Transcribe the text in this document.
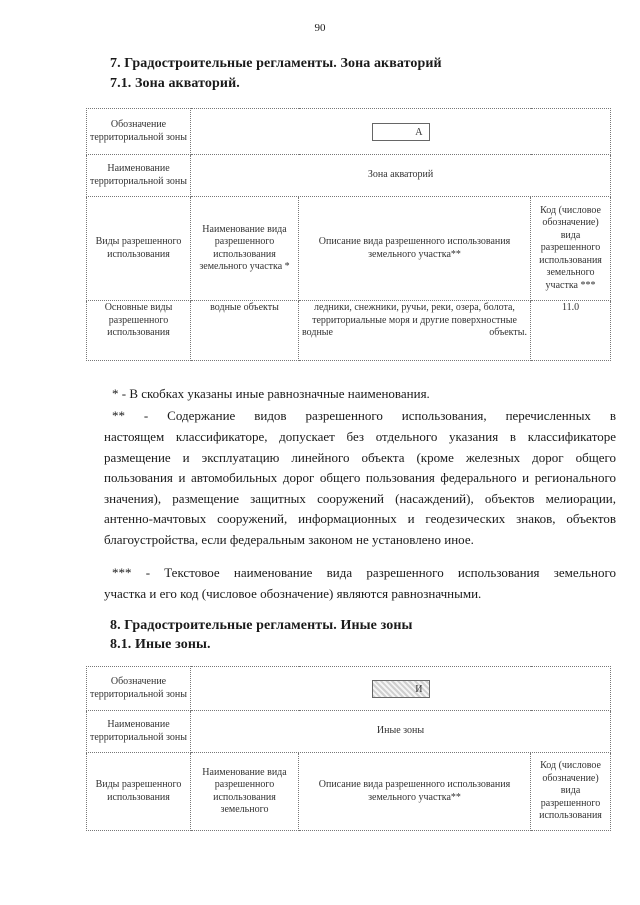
90
7. Градостроительные регламенты. Зона акваторий
7.1. Зона акваторий.
Обозначение территориальной зоны	А		
Наименование территориальной зоны	Зона акваторий		
Виды разрешенного использования	Наименование вида разрешенного использования земельного участка *	Описание вида разрешенного использования земельного участка**	Код (числовое обозначение) вида разрешенного использования земельного участка ***
Основные виды разрешенного использования	водные объекты	ледники, снежники, ручьи, реки, озера, болота, территориальные моря и другие поверхностные водные объекты.	11.0
* - В скобках указаны иные равнозначные наименования.
** - Содержание видов разрешенного использования, перечисленных в
настоящем классификаторе, допускает без отдельного указания в классификаторе размещение и эксплуатацию линейного объекта (кроме железных дорог общего пользования и автомобильных дорог общего пользования федерального и регионального значения), размещение защитных сооружений (насаждений), объектов мелиорации, антенно-мачтовых сооружений, информационных и геодезических знаков, объектов благоустройства, если федеральным законом не установлено иное.
*** - Текстовое наименование вида разрешенного использования земельного
участка и его код (числовое обозначение) являются равнозначными.
8. Градостроительные регламенты. Иные зоны
8.1. Иные зоны.
Обозначение территориальной зоны	И		
Наименование территориальной зоны	Иные зоны		
Виды разрешенного использования	Наименование вида разрешенного использования земельного	Описание вида разрешенного использования земельного участка**	Код (числовое обозначение) вида разрешенного использования
